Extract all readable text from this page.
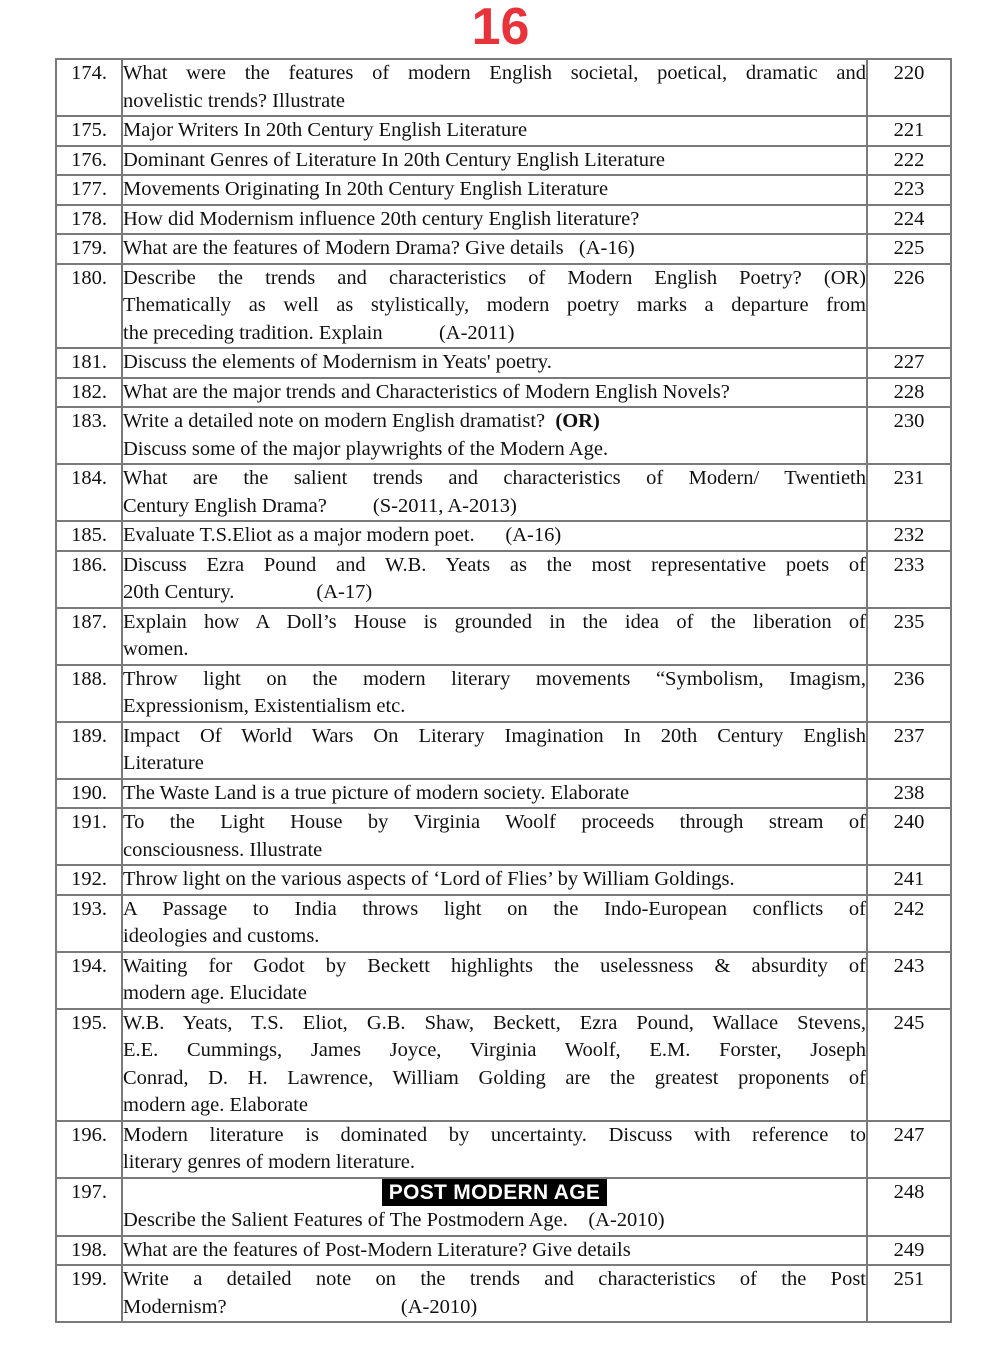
16
174.	What were the features of modern English societal, poetical, dramatic and
novelistic trends? Illustrate	220
175.	Major Writers In 20th Century English Literature	221
176.	Dominant Genres of Literature In 20th Century English Literature	222
177.	Movements Originating In 20th Century English Literature	223
178.	How did Modernism influence 20th century English literature?	224
179.	What are the features of Modern Drama? Give details   (A-16)	225
180.	Describe the trends and characteristics of Modern English Poetry? (OR)
Thematically as well as stylistically, modern poetry marks a departure from
the preceding tradition. Explain           (A-2011)	226
181.	Discuss the elements of Modernism in Yeats' poetry.	227
182.	What are the major trends and Characteristics of Modern English Novels?	228
183.	Write a detailed note on modern English dramatist?  (OR)
Discuss some of the major playwrights of the Modern Age.	230
184.	What are the salient trends and characteristics of Modern/ Twentieth
Century English Drama?         (S-2011, A-2013)	231
185.	Evaluate T.S.Eliot as a major modern poet.      (A-16)	232
186.	Discuss Ezra Pound and W.B. Yeats as the most representative poets of
20th Century.                (A-17)	233
187.	Explain how A Doll’s House is grounded in the idea of the liberation of
women.	235
188.	Throw light on the modern literary movements “Symbolism, Imagism,
Expressionism, Existentialism etc.	236
189.	Impact Of World Wars On Literary Imagination In 20th Century English
Literature	237
190.	The Waste Land is a true picture of modern society. Elaborate	238
191.	To the Light House by Virginia Woolf proceeds through stream of
consciousness. Illustrate	240
192.	Throw light on the various aspects of ‘Lord of Flies’ by William Goldings.	241
193.	A Passage to India throws light on the Indo-European conflicts of
ideologies and customs.	242
194.	Waiting for Godot by Beckett highlights the uselessness & absurdity of
modern age. Elucidate	243
195.	W.B. Yeats, T.S. Eliot, G.B. Shaw, Beckett, Ezra Pound, Wallace Stevens,
E.E. Cummings, James Joyce, Virginia Woolf, E.M. Forster, Joseph
Conrad, D. H. Lawrence, William Golding are the greatest proponents of
modern age. Elaborate	245
196.	Modern literature is dominated by uncertainty. Discuss with reference to
literary genres of modern literature.	247
197.	POST MODERN AGE
Describe the Salient Features of The Postmodern Age.    (A-2010)	248
198.	What are the features of Post-Modern Literature? Give details	249
199.	Write a detailed note on the trends and characteristics of the Post
Modernism?                                  (A-2010)	251
